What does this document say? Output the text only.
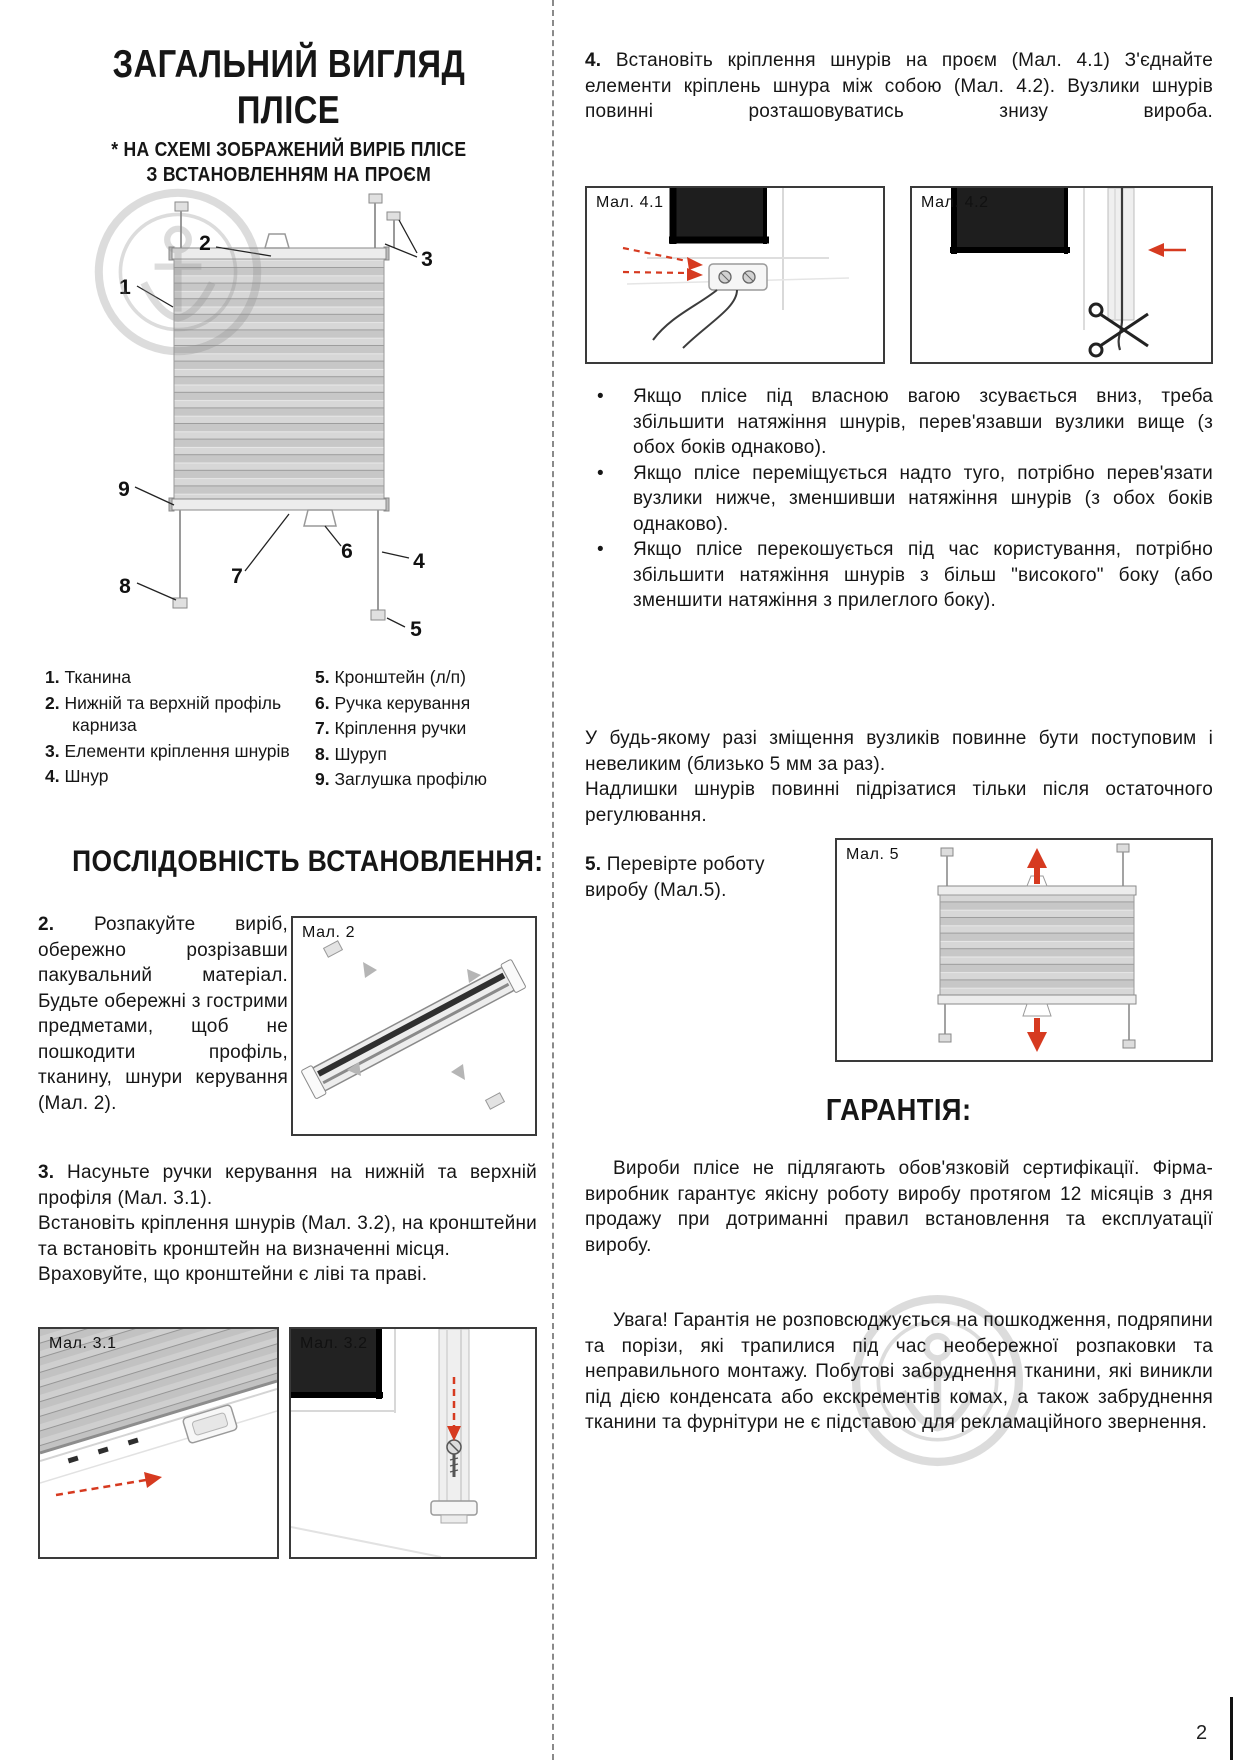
ЗАГАЛЬНИЙ ВИГЛЯД
ПЛІСЕ
* НА СХЕМІ ЗОБРАЖЕНИЙ ВИРІБ ПЛІСЕ
З ВСТАНОВЛЕННЯМ НА ПРОЄМ
1
2
3
4
5
6
7
8
9
1. Тканина
2. Нижній та верхній профіль карниза
3. Елементи кріплення шнурів
4. Шнур
5. Кронштейн (л/п)
6. Ручка керування
7. Кріплення ручки
8. Шуруп
9. Заглушка профілю
ПОСЛІДОВНІСТЬ ВСТАНОВЛЕННЯ:

2. Розпакуйте виріб, обережно розрізавши пакувальний матеріал. Будьте обережні з гострими предметами, щоб не пошкодити профіль, тканину, шнури керування (Мал. 2).

Мал. 2

3. Насуньте ручки керування на нижній та верхній профіля (Мал. 3.1).

Встановіть кріплення шнурів (Мал. 3.2), на кронштейни та встановіть кронштейн на визначенні місця.

Враховуйте, що кронштейни є ліві та праві.

Мал. 3.1	Мал. 3.2

4. Встановіть кріплення шнурів на проєм (Мал. 4.1) З'єднайте елементи кріплень шнура між собою (Мал. 4.2). Вузлики шнурів повинні розташовуватись знизу вироба.

Мал. 4.1	Мал. 4.2

• Якщо плісе під власною вагою зсувається вниз, треба збільшити натяжіння шнурів, перев'язавши вузлики вище (з обох боків однаково).

• Якщо плісе переміщується надто туго, потрібно перев'язати вузлики нижче, зменшивши натяжіння шнурів (з обох боків однаково).

• Якщо плісе перекошується під час користування, потрібно збільшити натяжіння шнурів з більш "високого" боку (або зменшити натяжіння з прилеглого боку).

У будь-якому разі зміщення вузликів повинне бути поступовим і невеликим (близько 5 мм за раз).

Надлишки шнурів повинні підрізатися тільки після остаточного регулювання.

5. Перевірте роботу виробу (Мал.5).

Мал. 5
ГАРАНТІЯ:

Вироби плісе не підлягають обов'язковій сертифікації. Фірма-виробник гарантує якісну роботу виробу протягом 12 місяців з дня продажу при дотриманні правил встановлення та експлуатації виробу.

Увага! Гарантія не розповсюджується на пошкодження, подряпини та порізи, які трапилися під час необережної розпаковки та неправильного монтажу. Побутові забруднення тканини, які виникли під дією конденсата або екскрементів комах, а також забруднення тканини та фурнітури не є підставою для рекламаційного звернення.

2
